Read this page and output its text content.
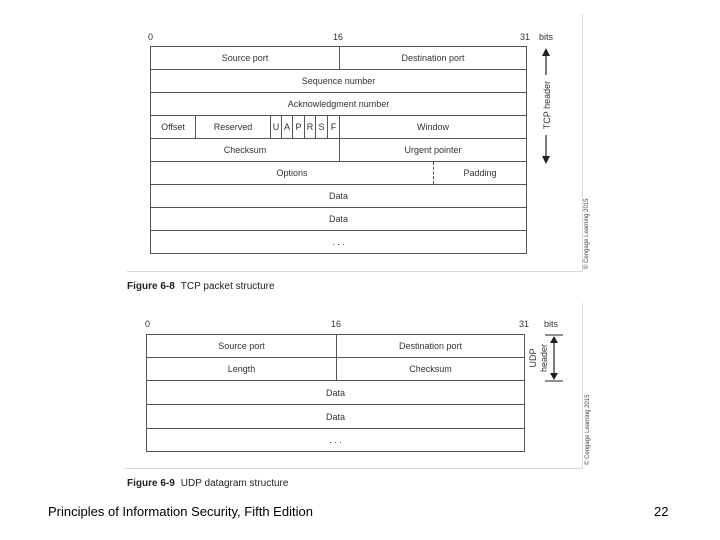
0	16	31 bits
Source port	Destination port
Sequence number
Acknowledgment number
Offset	Reserved	U A P R S F	Window
Checksum	Urgent pointer
Options	Padding
Data
Data
. . .
TCP header
© Cengage Learning 2015
Figure 6-8 TCP packet structure
0	16	31 bits
Source port	Destination port
Length	Checksum
Data
Data
. . .
UDP header
© Cengage Learning 2015
Figure 6-9 UDP datagram structure
Principles of Information Security, Fifth Edition	22
